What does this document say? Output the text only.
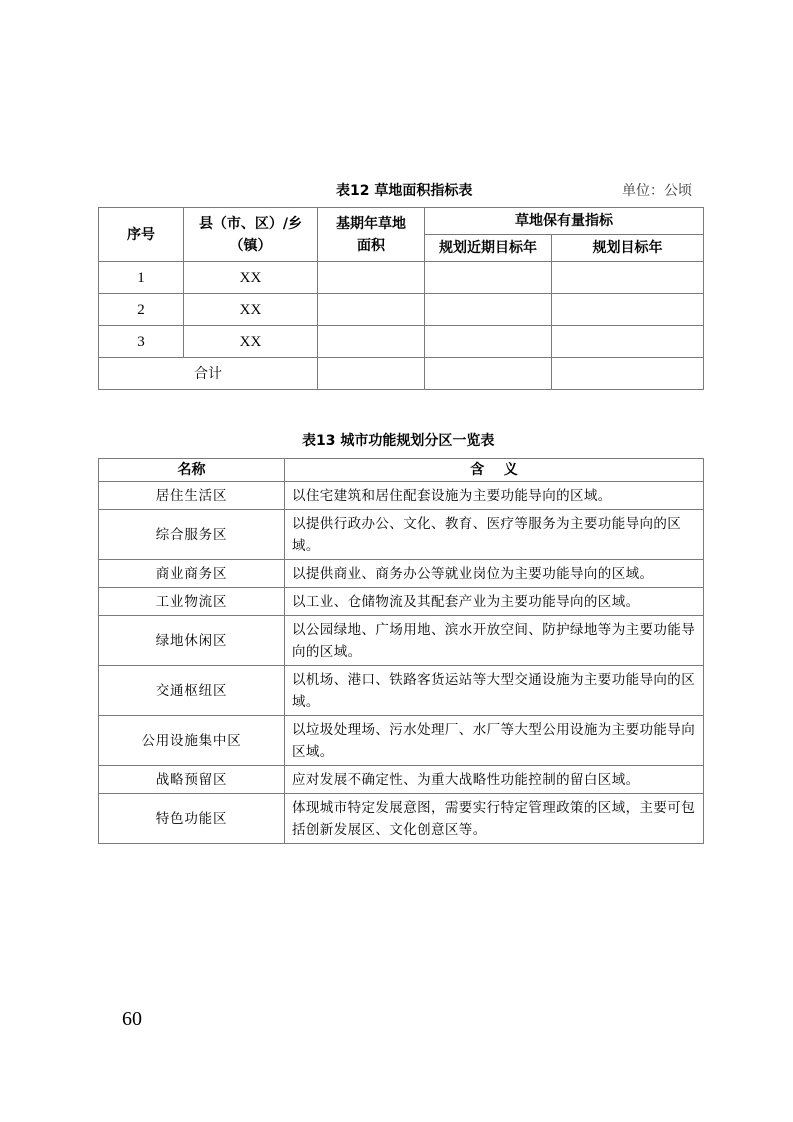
表12 草地面积指标表	单位：公顷
序号	县（市、区）/乡（镇）	基期年草地面积	草地保有量指标	
			规划近期目标年	规划目标年
1	XX			
2	XX			
3	XX			
合计				
表13 城市功能规划分区一览表
名称	含    义
居住生活区	以住宅建筑和居住配套设施为主要功能导向的区域。
综合服务区	以提供行政办公、文化、教育、医疗等服务为主要功能导向的区域。
商业商务区	以提供商业、商务办公等就业岗位为主要功能导向的区域。
工业物流区	以工业、仓储物流及其配套产业为主要功能导向的区域。
绿地休闲区	以公园绿地、广场用地、滨水开放空间、防护绿地等为主要功能导向的区域。
交通枢纽区	以机场、港口、铁路客货运站等大型交通设施为主要功能导向的区域。
公用设施集中区	以垃圾处理场、污水处理厂、水厂等大型公用设施为主要功能导向区域。
战略预留区	应对发展不确定性、为重大战略性功能控制的留白区域。
特色功能区	体现城市特定发展意图，需要实行特定管理政策的区域，主要可包括创新发展区、文化创意区等。
60
